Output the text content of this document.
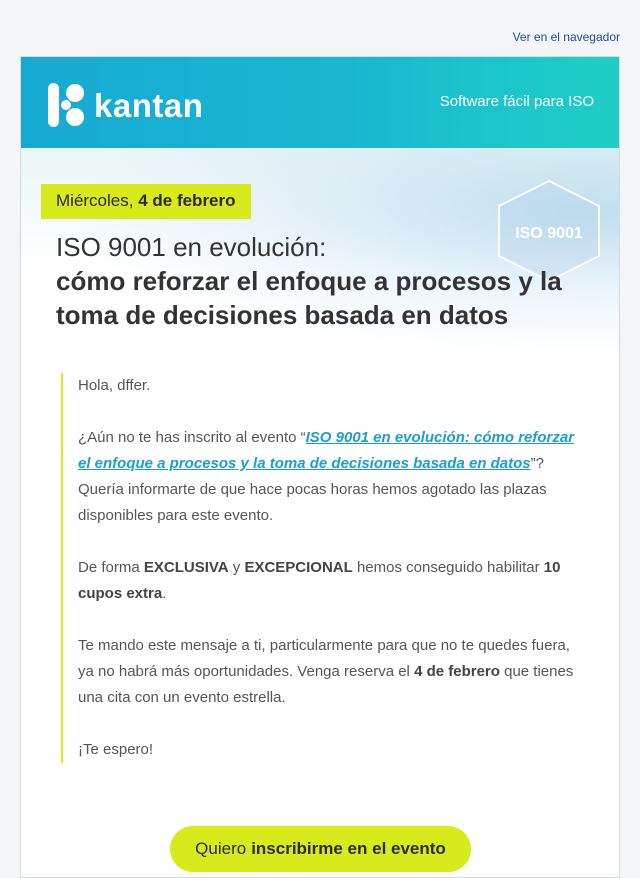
Ver en el navegador
kantan	Software fácil para ISO
ISO 9001
Miércoles, 4 de febrero
ISO 9001 en evolución:
cómo reforzar el enfoque a procesos y la toma de decisiones basada en datos

Hola, dffer.

¿Aún no te has inscrito al evento “ISO 9001 en evolución: cómo reforzar el enfoque a procesos y la toma de decisiones basada en datos”? Quería informarte de que hace pocas horas hemos agotado las plazas disponibles para este evento.

De forma EXCLUSIVA y EXCEPCIONAL hemos conseguido habilitar 10 cupos extra.

Te mando este mensaje a ti, particularmente para que no te quedes fuera, ya no habrá más oportunidades. Venga reserva el 4 de febrero que tienes una cita con un evento estrella.

¡Te espero!

Quiero inscribirme en el evento
